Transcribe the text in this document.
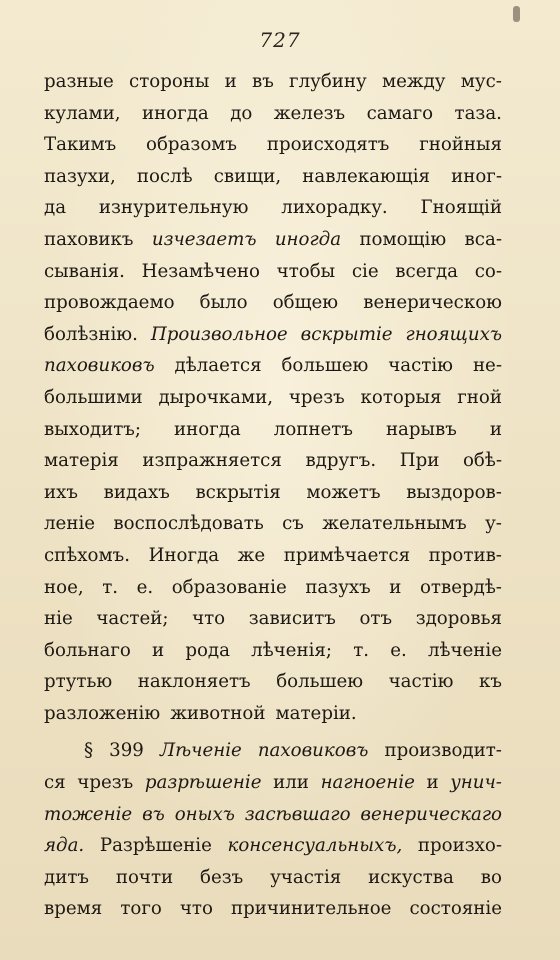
727
разные стороны и въ глубину между мус-
кулами, иногда до железъ самаго таза.
Такимъ образомъ происходятъ гнойныя
пазухи, послѣ свищи, навлекающія иног-
да изнурительную лихорадку. Гноящій
паховикъ изчезаетъ иногда помощію вса-
сыванія. Незамѣчено чтобы сіе всегда со-
провождаемо было общею венерическою
болѣзнію. Произвольное вскрытіе гноящихъ
паховиковъ дѣлается большею частію не-
большими дырочками, чрезъ которыя гной
выходитъ; иногда лопнетъ нарывъ и
матерія изпражняется вдругъ. При обѣ-
ихъ видахъ вскрытія можетъ выздоров-
леніе воспослѣдовать съ желательнымъ у-
спѣхомъ. Иногда же примѣчается против-
ное, т. е. образованіе пазухъ и отвердѣ-
ніе частей; что зависитъ отъ здоровья
больнаго и рода лѣченія; т. е. лѣченіе
ртутью наклоняетъ большею частію къ
разложенію животной матеріи.
§ 399 Лѣченіе паховиковъ производит-
ся чрезъ разрѣшеніе или нагноеніе и унич-
тоженіе въ оныхъ засѣвшаго венерическаго
яда. Разрѣшеніе консенсуальныхъ, произхо-
дитъ почти безъ участія искуства во
время того что причинительное состояніе
